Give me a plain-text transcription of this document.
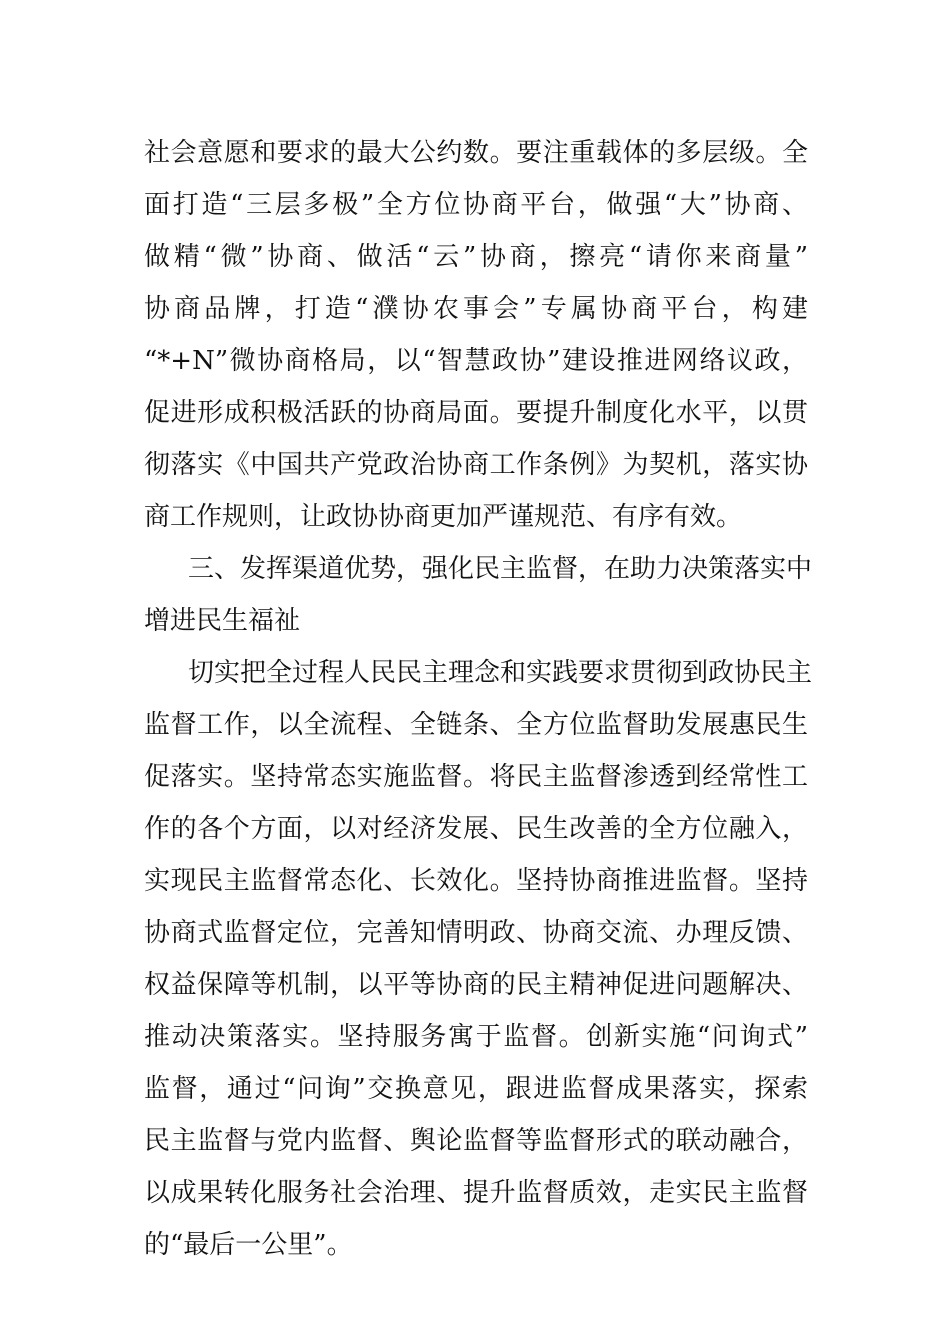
社会意愿和要求的最大公约数。要注重载体的多层级。全
面打造“三层多极”全方位协商平台，做强“大”协商、
做精“微”协商、做活“云”协商，擦亮“请你来商量”
协商品牌，打造“濮协农事会”专属协商平台，构建
“*+N”微协商格局，以“智慧政协”建设推进网络议政，
促进形成积极活跃的协商局面。要提升制度化水平，以贯
彻落实《中国共产党政治协商工作条例》为契机，落实协
商工作规则，让政协协商更加严谨规范、有序有效。
三、发挥渠道优势，强化民主监督，在助力决策落实中
增进民生福祉
切实把全过程人民民主理念和实践要求贯彻到政协民主
监督工作，以全流程、全链条、全方位监督助发展惠民生
促落实。坚持常态实施监督。将民主监督渗透到经常性工
作的各个方面，以对经济发展、民生改善的全方位融入，
实现民主监督常态化、长效化。坚持协商推进监督。坚持
协商式监督定位，完善知情明政、协商交流、办理反馈、
权益保障等机制，以平等协商的民主精神促进问题解决、
推动决策落实。坚持服务寓于监督。创新实施“问询式”
监督，通过“问询”交换意见，跟进监督成果落实，探索
民主监督与党内监督、舆论监督等监督形式的联动融合，
以成果转化服务社会治理、提升监督质效，走实民主监督
的“最后一公里”。
